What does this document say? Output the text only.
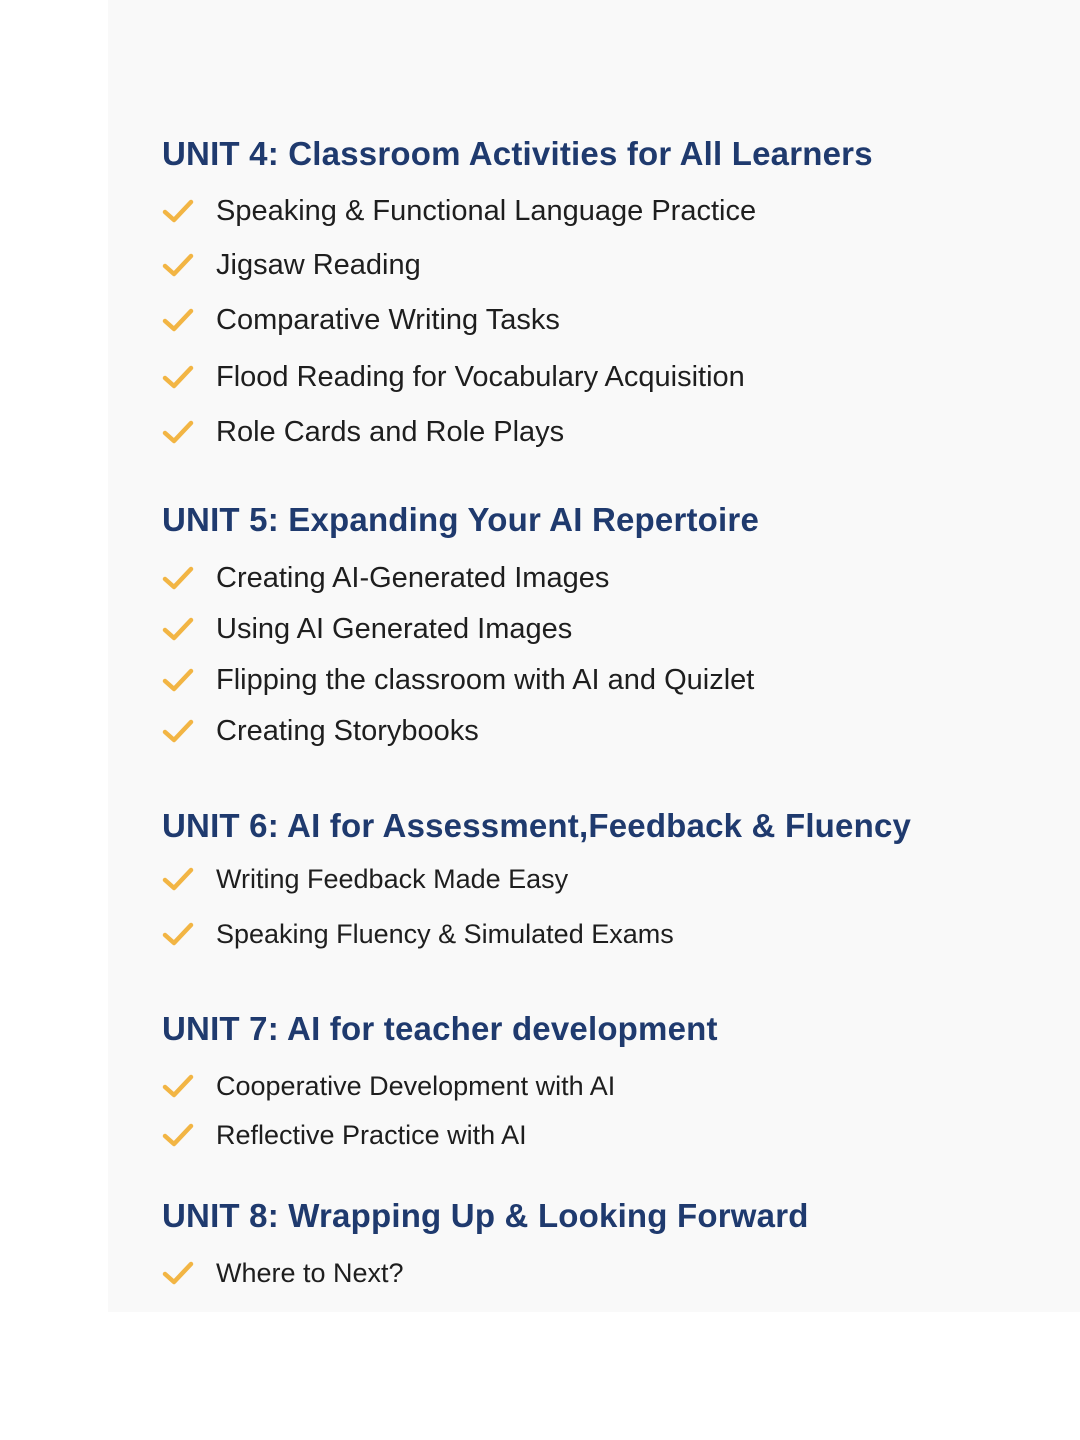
UNIT 4: Classroom Activities for All Learners
Speaking & Functional Language Practice
Jigsaw Reading
Comparative Writing Tasks
Flood Reading for Vocabulary Acquisition
Role Cards and Role Plays
UNIT 5: Expanding Your AI Repertoire
Creating AI-Generated Images
Using AI Generated Images
Flipping the classroom with AI and Quizlet
Creating Storybooks
UNIT 6: AI for Assessment,Feedback & Fluency
Writing Feedback Made Easy
Speaking Fluency & Simulated Exams
UNIT 7: AI for teacher development
Cooperative Development with AI
Reflective Practice with AI
UNIT 8: Wrapping Up & Looking Forward
Where to Next?
